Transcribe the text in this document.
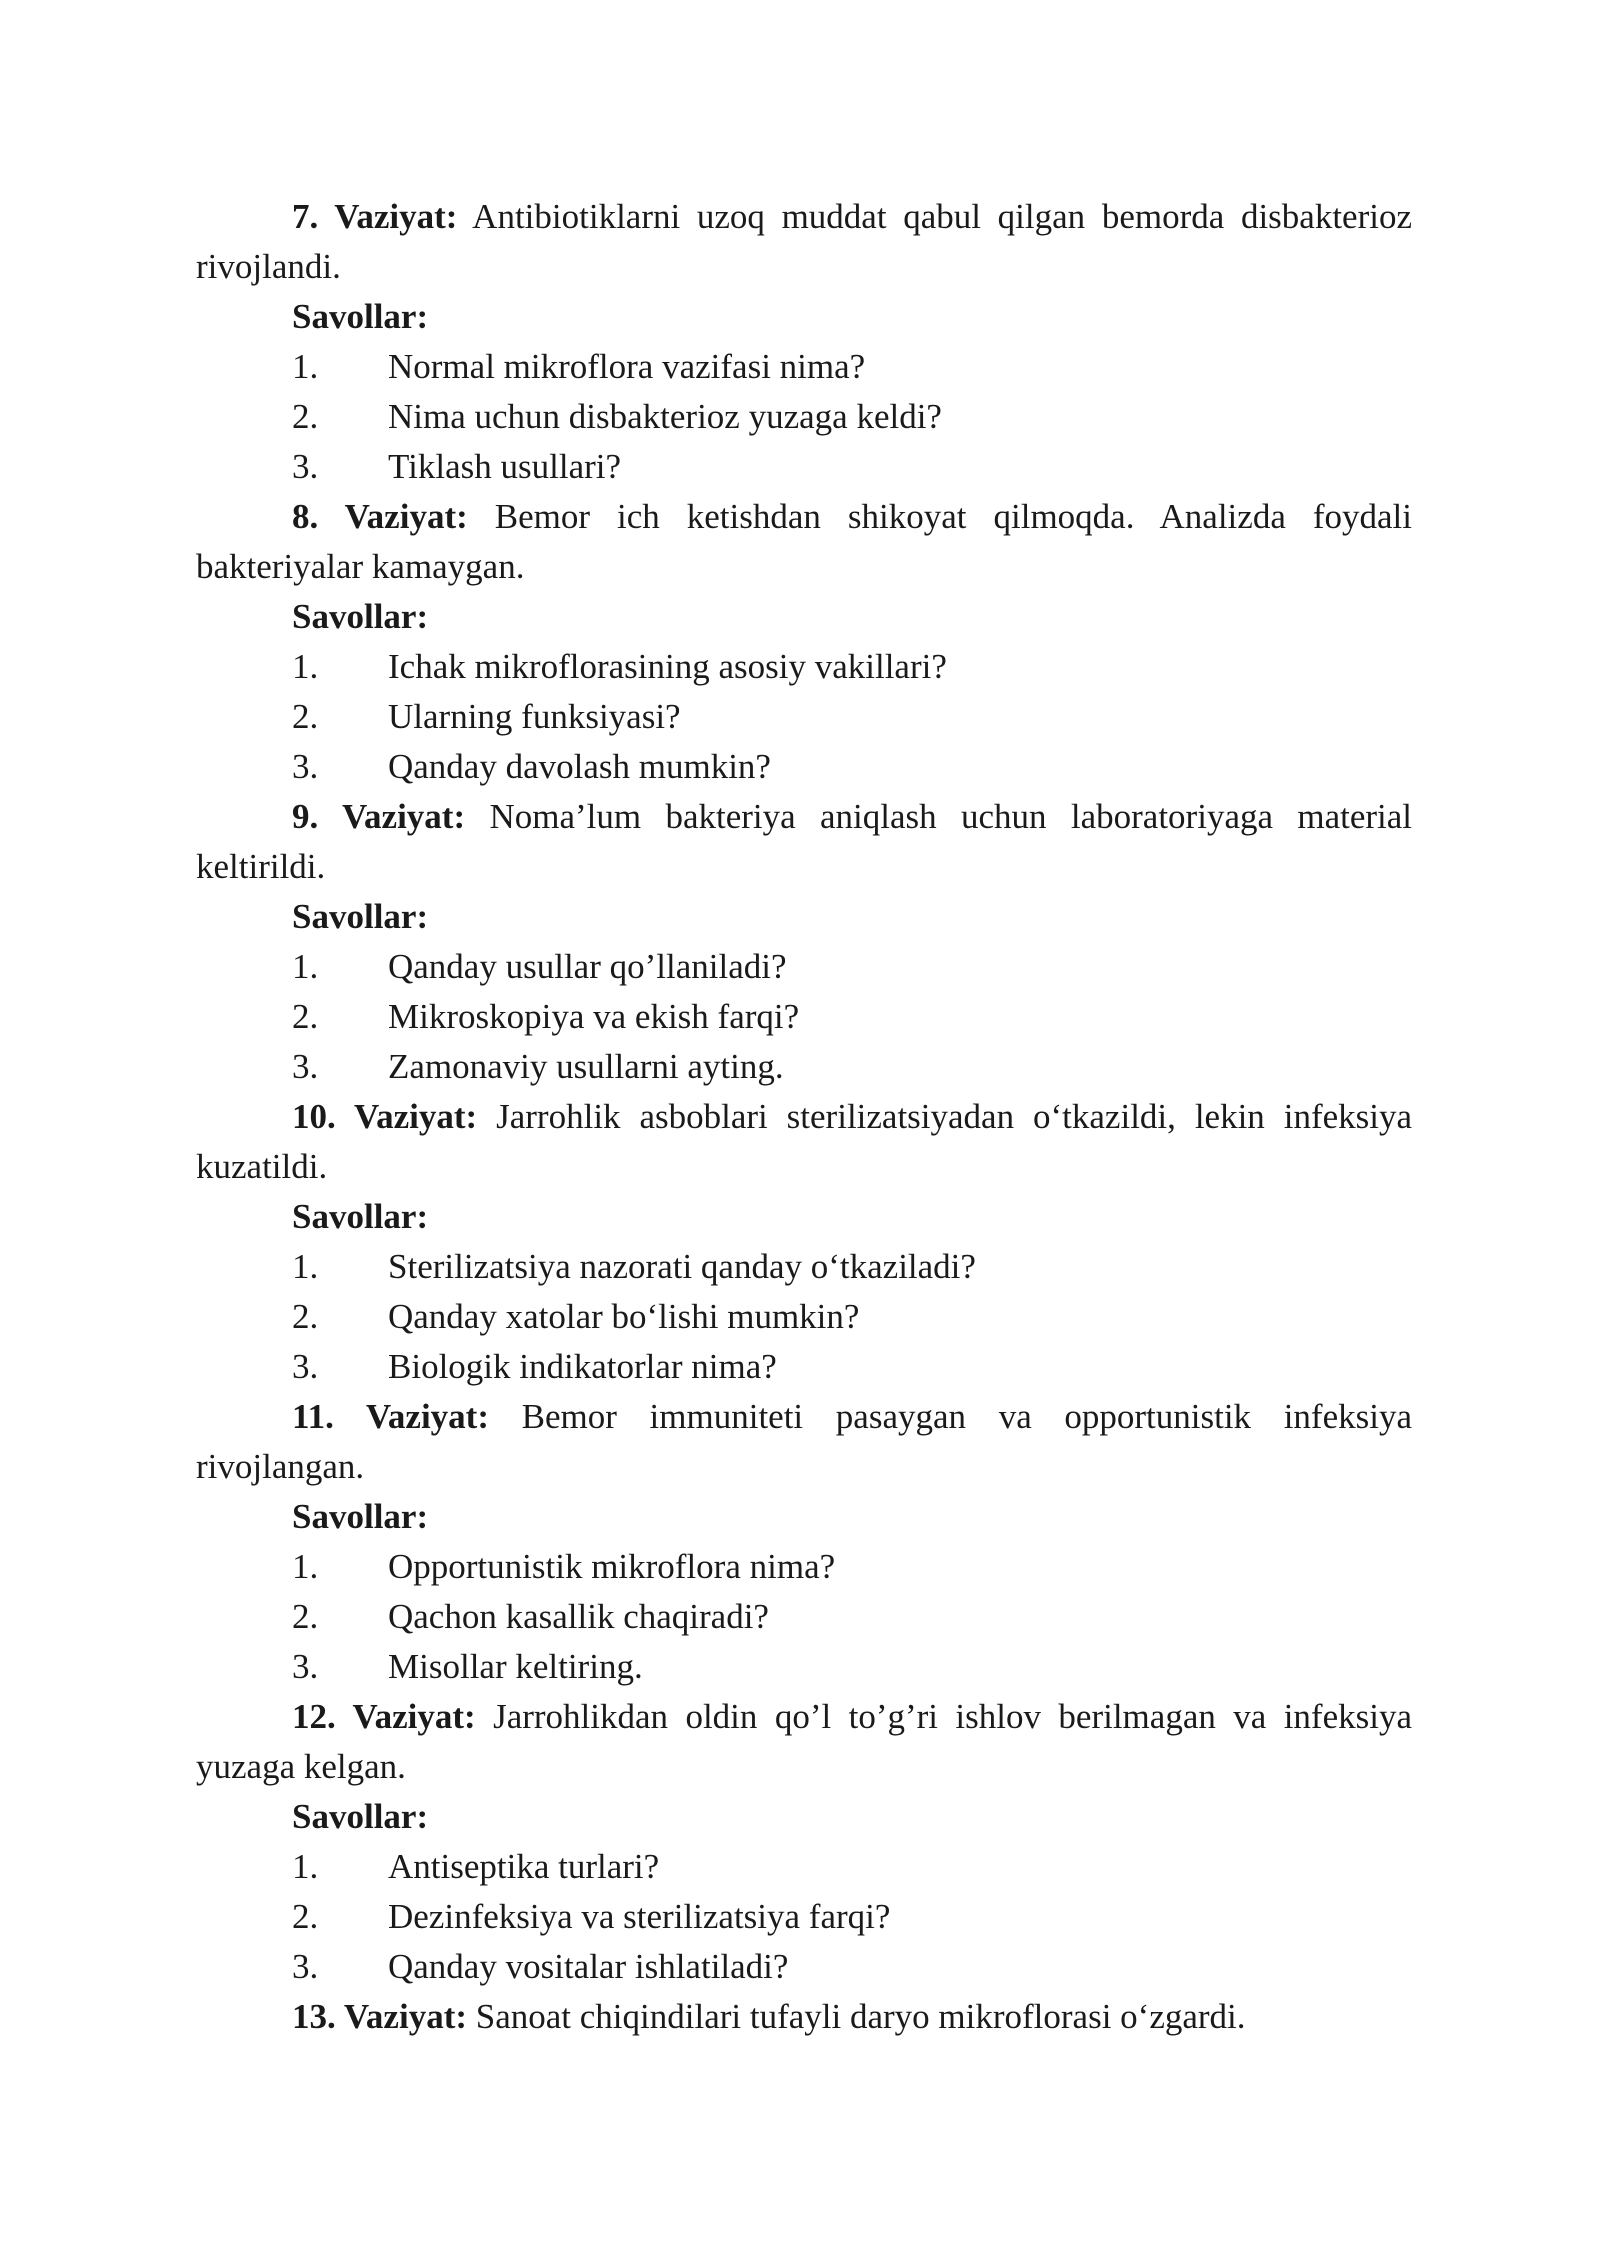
7. Vaziyat: Antibiotiklarni uzoq muddat qabul qilgan bemorda disbakterioz rivojlandi.

Savollar:

1.	Normal mikroflora vazifasi nima?
2.	Nima uchun disbakterioz yuzaga keldi?
3.	Tiklash usullari?

8. Vaziyat: Bemor ich ketishdan shikoyat qilmoqda. Analizda foydali bakteriyalar kamaygan.

Savollar:

1.	Ichak mikroflorasining asosiy vakillari?
2.	Ularning funksiyasi?
3.	Qanday davolash mumkin?

9. Vaziyat: Noma’lum bakteriya aniqlash uchun laboratoriyaga material keltirildi.

Savollar:

1.	Qanday usullar qo’llaniladi?
2.	Mikroskopiya va ekish farqi?
3.	Zamonaviy usullarni ayting.

10. Vaziyat: Jarrohlik asboblari sterilizatsiyadan o‘tkazildi, lekin infeksiya kuzatildi.

Savollar:

1.	Sterilizatsiya nazorati qanday o‘tkaziladi?
2.	Qanday xatolar bo‘lishi mumkin?
3.	Biologik indikatorlar nima?

11. Vaziyat: Bemor immuniteti pasaygan va opportunistik infeksiya rivojlangan.

Savollar:

1.	Opportunistik mikroflora nima?
2.	Qachon kasallik chaqiradi?
3.	Misollar keltiring.

12. Vaziyat: Jarrohlikdan oldin qo’l to’g’ri ishlov berilmagan va infeksiya yuzaga kelgan.

Savollar:

1.	Antiseptika turlari?
2.	Dezinfeksiya va sterilizatsiya farqi?
3.	Qanday vositalar ishlatiladi?

13. Vaziyat: Sanoat chiqindilari tufayli daryo mikroflorasi o‘zgardi.
